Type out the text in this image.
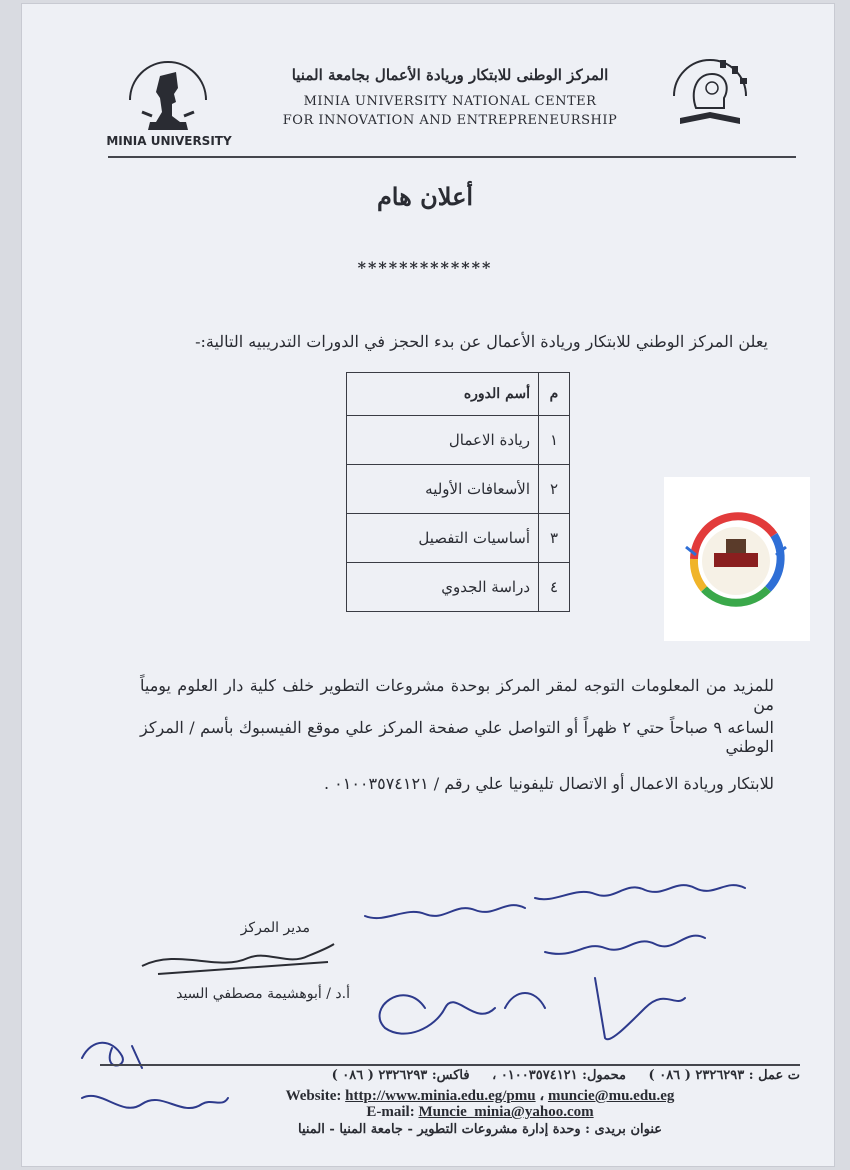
MINIA UNIVERSITY
المركز الوطنى للابتكار وريادة الأعمال بجامعة المنيا
MINIA UNIVERSITY NATIONAL CENTER
FOR INNOVATION AND ENTREPRENEURSHIP
أعلان هام
*************
يعلن المركز الوطني للابتكار وريادة الأعمال عن بدء الحجز في الدورات التدريبيه التالية:-
م	أسم الدوره
١	ريادة الاعمال
٢	الأسعافات الأوليه
٣	أساسيات التفصيل
٤	دراسة الجدوي
للمزيد من المعلومات التوجه لمقر المركز بوحدة مشروعات التطوير خلف كلية دار العلوم يومياً من
الساعه ٩ صباحاً حتي ٢ ظهراً أو التواصل علي صفحة المركز علي موقع الفيسبوك بأسم / المركز الوطني
للابتكار وريادة الاعمال أو الاتصال تليفونيا علي رقم / ٠١٠٠٣٥٧٤١٢١ .
مدير المركز
أ.د / أبوهشيمة مصطفي السيد
ت عمل : ٢٣٢٦٢٩٣ ( ٠٨٦ ) محمول: ٠١٠٠٣٥٧٤١٢١ ، فاكس: ٢٣٢٦٢٩٣ ( ٠٨٦ )
Website: http://www.minia.edu.eg/pmu ، muncie@mu.edu.eg
E-mail: Muncie_minia@yahoo.com
عنوان بريدى : وحدة إدارة مشروعات التطوير - جامعة المنيا - المنيا
